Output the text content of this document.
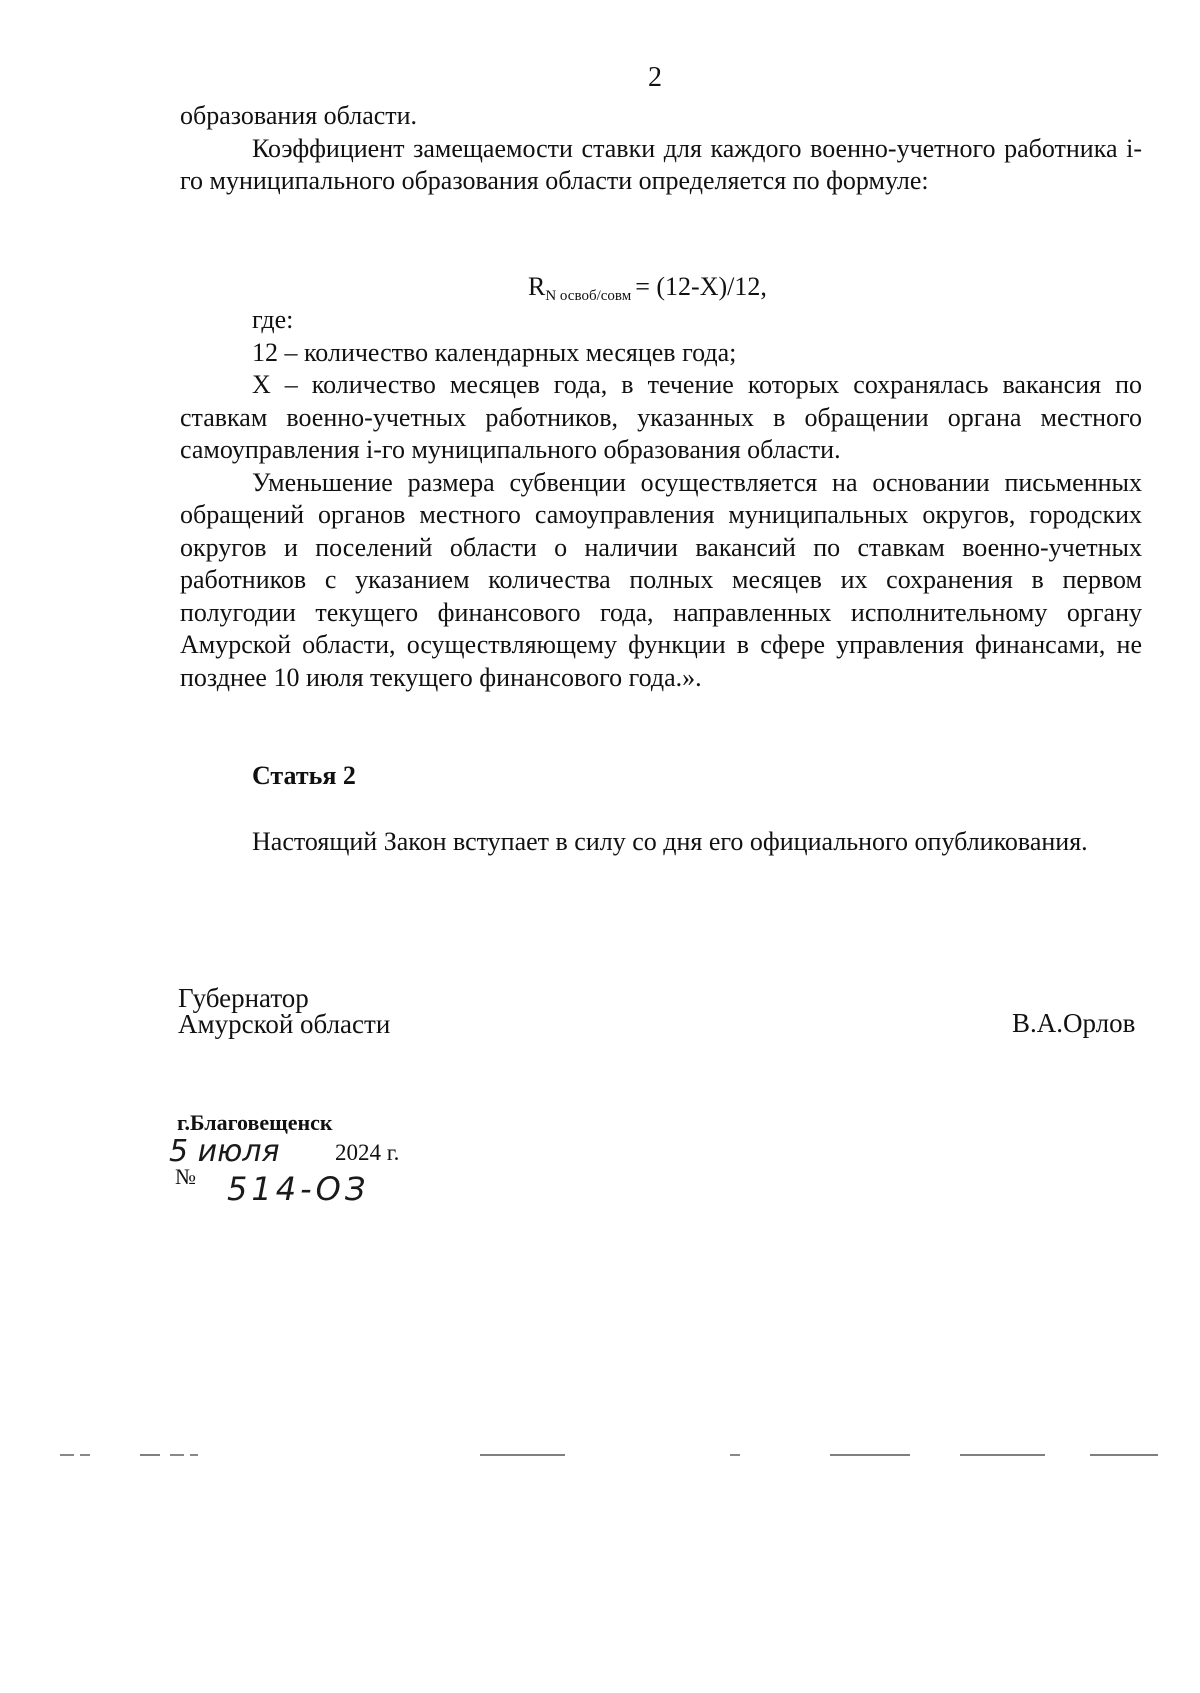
2

образования области.

Коэффициент замещаемости ставки для каждого военно-учетного работника i-го муниципального образования области определяется по формуле:

RN освоб/совм = (12-Х)/12,

где:

12 – количество календарных месяцев года;

Х – количество месяцев года, в течение которых сохранялась вакансия по ставкам военно-учетных работников, указанных в обращении органа местного самоуправления i-го муниципального образования области.

Уменьшение размера субвенции осуществляется на основании письменных обращений органов местного самоуправления муниципальных округов, городских округов и поселений области о наличии вакансий по ставкам военно-учетных работников с указанием количества полных месяцев их сохранения в первом полугодии текущего финансового года, направленных исполнительному органу Амурской области, осуществляющему функции в сфере управления финансами, не позднее 10 июля текущего финансового года.».

Статья 2

Настоящий Закон вступает в силу со дня его официального опубликования.

Губернатор
Амурской области	В.А.Орлов
г.Благовещенск
5 июля 2024 г.
№ 514-ОЗ
